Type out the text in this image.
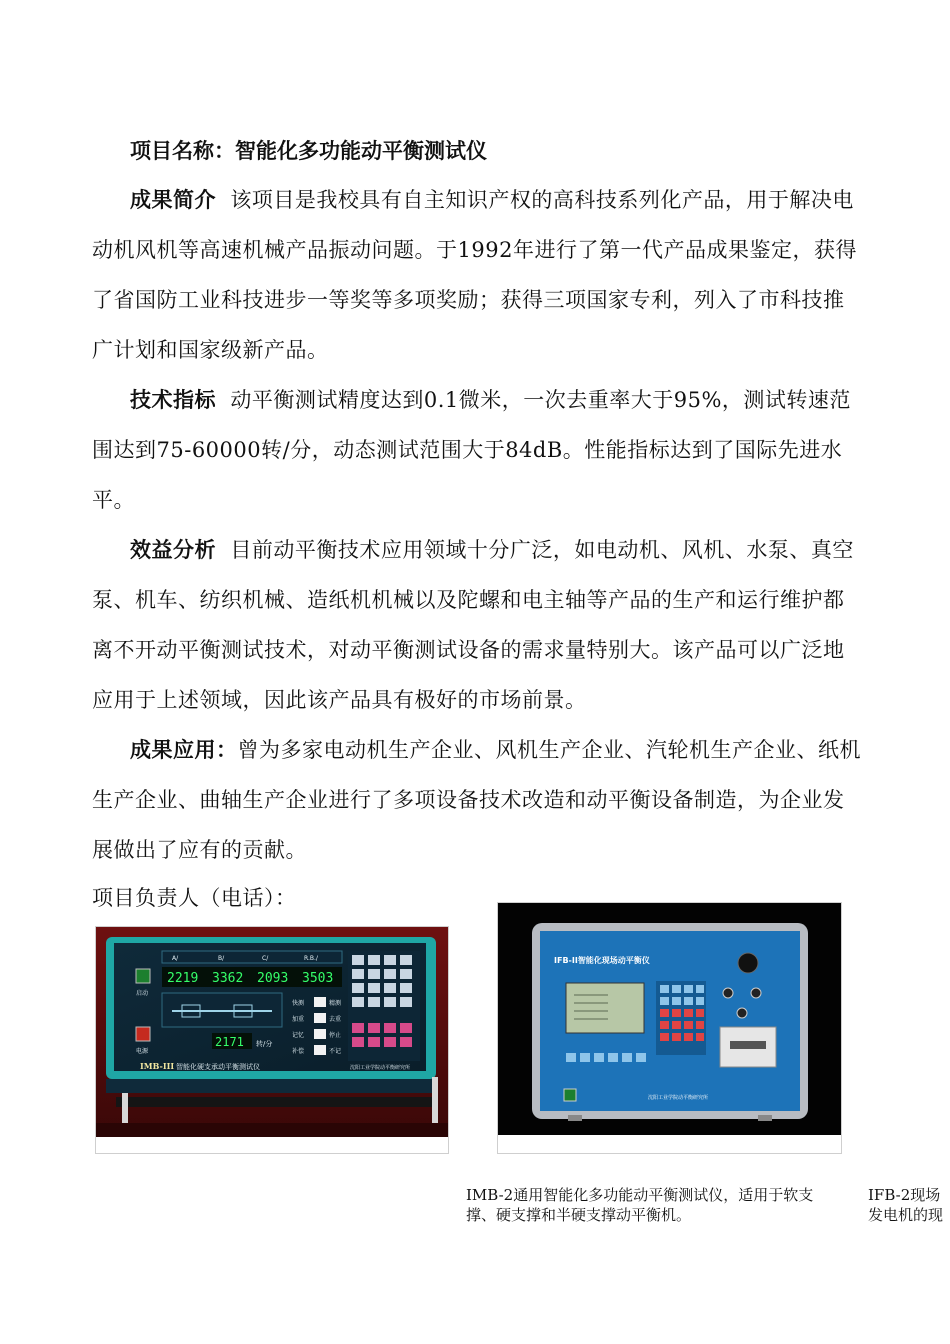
项目名称：智能化多功能动平衡测试仪

成果简介 该项目是我校具有自主知识产权的高科技系列化产品，用于解决电动机风机等高速机械产品振动问题。于1992年进行了第一代产品成果鉴定，获得了省国防工业科技进步一等奖等多项奖励；获得三项国家专利，列入了市科技推广计划和国家级新产品。

技术指标 动平衡测试精度达到0.1微米，一次去重率大于95%，测试转速范围达到75-60000转/分，动态测试范围大于84dB。性能指标达到了国际先进水平。

效益分析 目前动平衡技术应用领域十分广泛，如电动机、风机、水泵、真空泵、机车、纺织机械、造纸机机械以及陀螺和电主轴等产品的生产和运行维护都离不开动平衡测试技术，对动平衡测试设备的需求量特别大。该产品可以广泛地应用于上述领域，因此该产品具有极好的市场前景。

成果应用：曾为多家电动机生产企业、风机生产企业、汽轮机生产企业、纸机生产企业、曲轴生产企业进行了多项设备技术改造和动平衡设备制造，为企业发展做出了应有的贡献。

项目负责人（电话）：

2219 3362 2093 3503
2171 转/分
A/	B/	C/	R.B./
启动
电源
快测
加重
记忆
补偿
精测
去重
停止
不记
IMB-III 智能化硬支承动平衡测试仪	沈阳工业学院动平衡研究所
IFB-II智能化现场动平衡仪
沈阳工业学院动平衡研究所
IMB-2通用智能化多功能动平衡测试仪，适用于软支撑、硬支撑和半硬支撑动平衡机。
IFB-2现场
发电机的现
